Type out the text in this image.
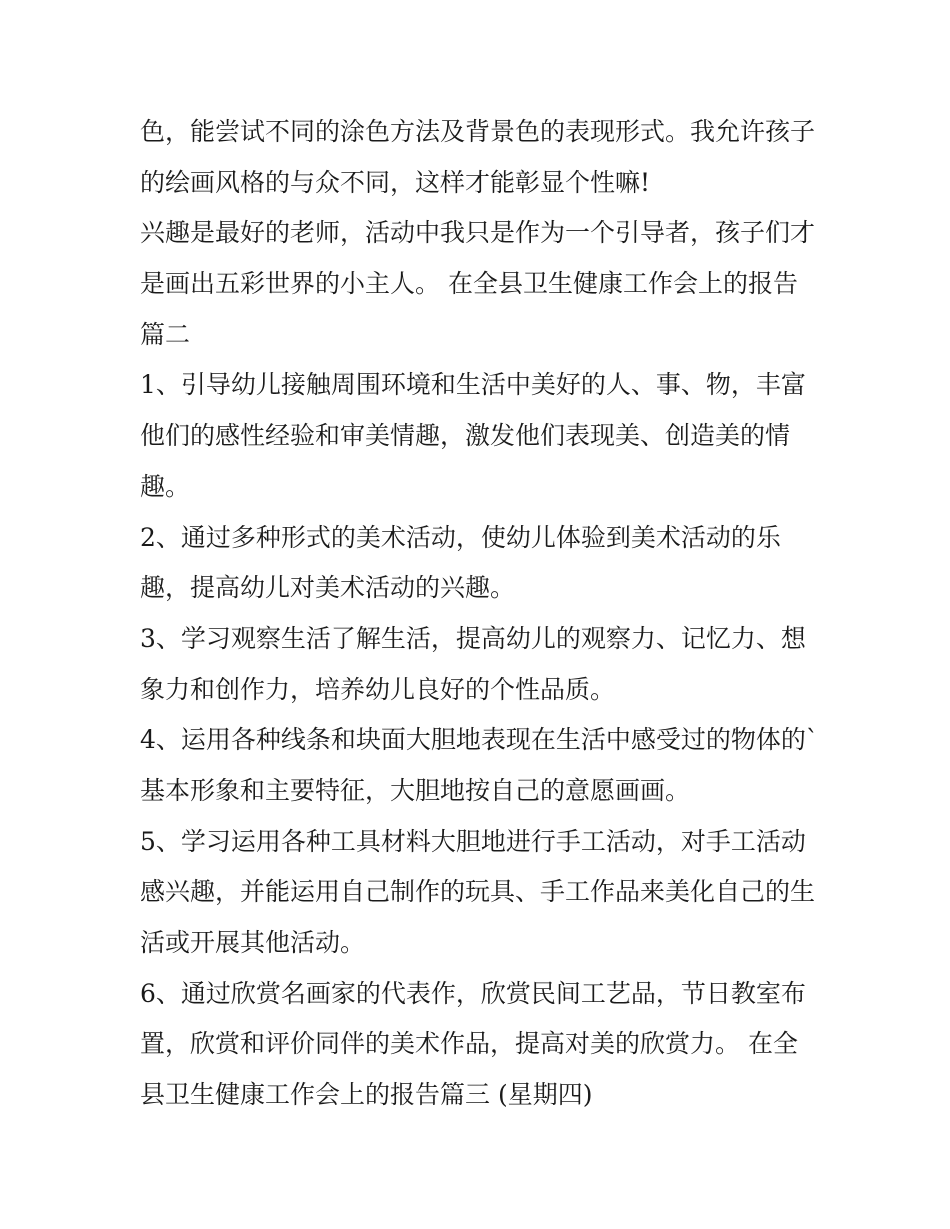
色，能尝试不同的涂色方法及背景色的表现形式。我允许孩子
的绘画风格的与众不同，这样才能彰显个性嘛!
兴趣是最好的老师，活动中我只是作为一个引导者，孩子们才
是画出五彩世界的小主人。 在全县卫生健康工作会上的报告
篇二
1、引导幼儿接触周围环境和生活中美好的人、事、物，丰富
他们的感性经验和审美情趣，激发他们表现美、创造美的情
趣。
2、通过多种形式的美术活动，使幼儿体验到美术活动的乐
趣，提高幼儿对美术活动的兴趣。
3、学习观察生活了解生活，提高幼儿的观察力、记忆力、想
象力和创作力，培养幼儿良好的个性品质。
4、运用各种线条和块面大胆地表现在生活中感受过的物体的`
基本形象和主要特征，大胆地按自己的意愿画画。
5、学习运用各种工具材料大胆地进行手工活动，对手工活动
感兴趣，并能运用自己制作的玩具、手工作品来美化自己的生
活或开展其他活动。
6、通过欣赏名画家的代表作，欣赏民间工艺品，节日教室布
置，欣赏和评价同伴的美术作品，提高对美的欣赏力。 在全
县卫生健康工作会上的报告篇三 (星期四)
